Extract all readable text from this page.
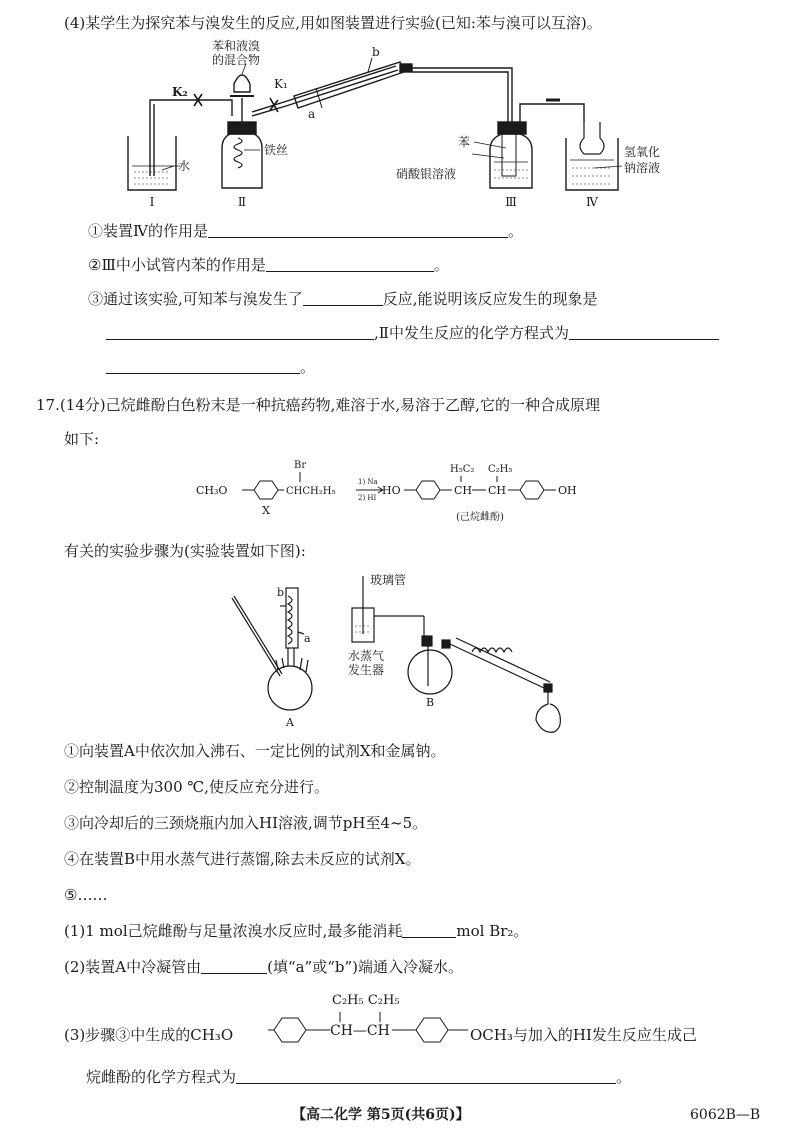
(4)某学生为探究苯与溴发生的反应,用如图装置进行实验(已知:苯与溴可以互溶)。
苯和液溴
的混合物
K₂
K₁
b
a
水
铁丝
苯
硝酸银溶液
氢氧化
钠溶液
Ⅰ	Ⅱ	Ⅲ	Ⅳ
①装置Ⅳ的作用是	。
②Ⅲ中小试管内苯的作用是	。
③通过该实验,可知苯与溴发生了	反应,能说明该反应发生的现象是
,Ⅱ中发生反应的化学方程式为
。
17.(14分)己烷雌酚白色粉末是一种抗癌药物,难溶于水,易溶于乙醇,它的一种合成原理
如下:
CH₃O
Br
CHCH₂H₅
X
1) Na
2) HI
HO	CH CH
H₅C₂ C₂H₅
OH
(己烷雌酚)
有关的实验步骤为(实验装置如下图):
玻璃管
水蒸气
发生器
b
a
A
B
①向装置A中依次加入沸石、一定比例的试剂X和金属钠。
②控制温度为300 ℃,使反应充分进行。
③向冷却后的三颈烧瓶内加入HI溶液,调节pH至4~5。
④在装置B中用水蒸气进行蒸馏,除去未反应的试剂X。
⑤……
(1)1 mol己烷雌酚与足量浓溴水反应时,最多能消耗	mol Br₂。
(2)装置A中冷凝管由	(填“a”或“b”)端通入冷凝水。
C₂H₅ C₂H₅
CH—CH
(3)步骤③中生成的CH₃O	OCH₃与加入的HI发生反应生成己
烷雌酚的化学方程式为	。
【高二化学 第5页(共6页)】	6062B—B
